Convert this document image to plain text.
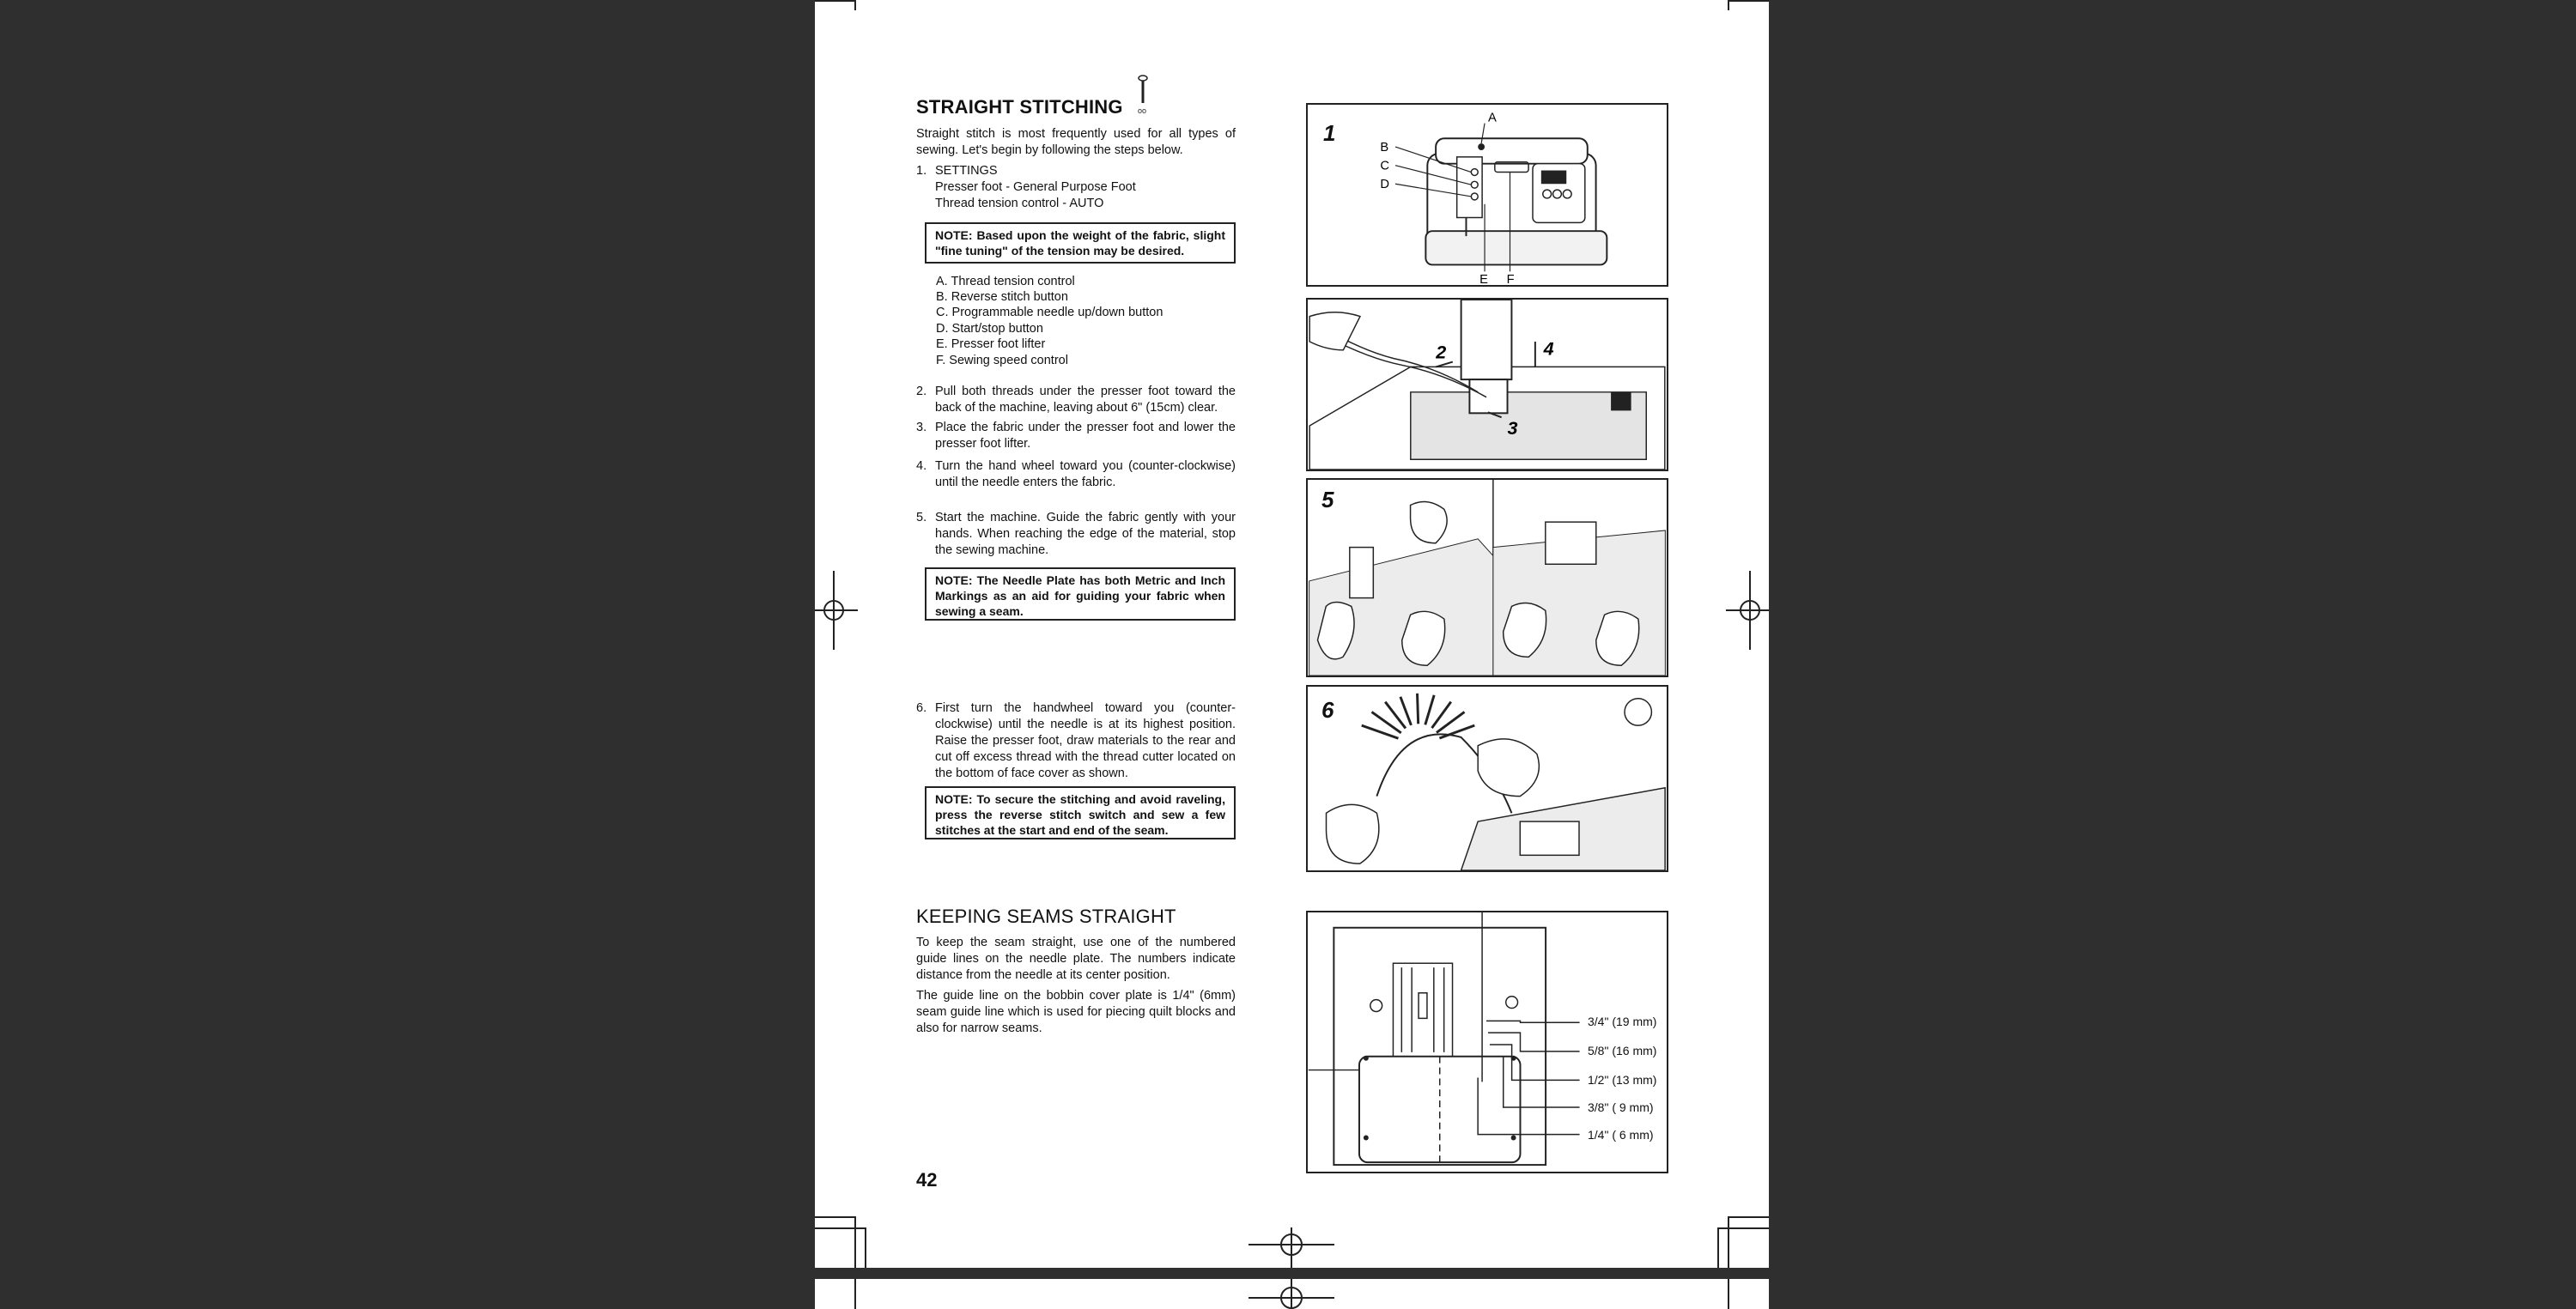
STRAIGHT STITCHING oo
Straight stitch is most frequently used for all types of sewing. Let's begin by following the steps below.
1. SETTINGS
Presser foot - General Purpose Foot
Thread tension control - AUTO
NOTE: Based upon the weight of the fabric, slight "fine tuning" of the tension may be desired.
A. Thread tension control
B. Reverse stitch button
C. Programmable needle up/down button
D. Start/stop button
E. Presser foot lifter
F. Sewing speed control
2. Pull both threads under the presser foot toward the back of the machine, leaving about 6" (15cm) clear.
3. Place the fabric under the presser foot and lower the presser foot lifter.
4. Turn the hand wheel toward you (counter-clockwise) until the needle enters the fabric.
5. Start the machine. Guide the fabric gently with your hands. When reaching the edge of the material, stop the sewing machine.
NOTE: The Needle Plate has both Metric and Inch Markings as an aid for guiding your fabric when sewing a seam.
6. First turn the handwheel toward you (counter-clockwise) until the needle is at its highest position. Raise the presser foot, draw materials to the rear and cut off excess thread with the thread cutter located on the bottom of face cover as shown.
NOTE: To secure the stitching and avoid raveling, press the reverse stitch switch and sew a few stitches at the start and end of the seam.
KEEPING SEAMS STRAIGHT
To keep the seam straight, use one of the numbered guide lines on the needle plate. The numbers indicate distance from the needle at its center position.
The guide line on the bobbin cover plate is 1/4" (6mm) seam guide line which is used for piecing quilt blocks and also for narrow seams.
42
A
B
C
D
E F
1
2
3
4
5
6
3/4" (19 mm)
5/8" (16 mm)
1/2" (13 mm)
3/8" ( 9 mm)
1/4" ( 6 mm)
